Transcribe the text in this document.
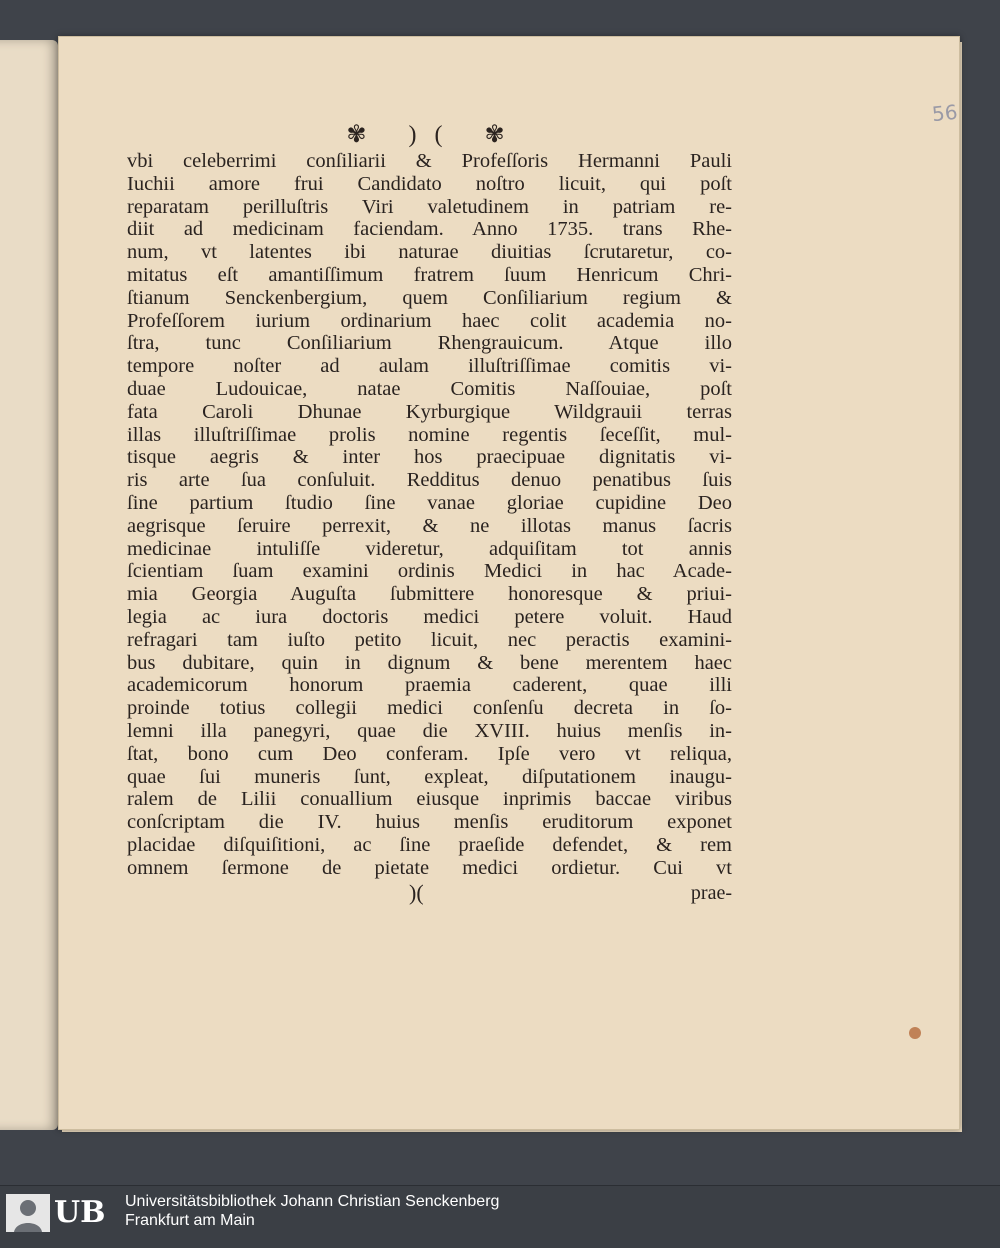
56
✾ )( ✾
vbi celeberrimi conſiliarii & Profeſſoris Hermanni Pauli
Iuchii amore frui Candidato noſtro licuit, qui poſt
reparatam perilluſtris Viri valetudinem in patriam re-
diit ad medicinam faciendam. Anno 1735. trans Rhe-
num, vt latentes ibi naturae diuitias ſcrutaretur, co-
mitatus eſt amantiſſimum fratrem ſuum Henricum Chri-
ſtianum Senckenbergium, quem Conſiliarium regium &
Profeſſorem iurium ordinarium haec colit academia no-
ſtra, tunc Conſiliarium Rhengrauicum. Atque illo
tempore noſter ad aulam illuſtriſſimae comitis vi-
duae Ludouicae, natae Comitis Naſſouiae, poſt
fata Caroli Dhunae Kyrburgique Wildgrauii terras
illas illuſtriſſimae prolis nomine regentis ſeceſſit, mul-
tisque aegris & inter hos praecipuae dignitatis vi-
ris arte ſua conſuluit. Redditus denuo penatibus ſuis
ſine partium ſtudio ſine vanae gloriae cupidine Deo
aegrisque ſeruire perrexit, & ne illotas manus ſacris
medicinae intuliſſe videretur, adquiſitam tot annis
ſcientiam ſuam examini ordinis Medici in hac Acade-
mia Georgia Auguſta ſubmittere honoresque & priui-
legia ac iura doctoris medici petere voluit. Haud
refragari tam iuſto petito licuit, nec peractis examini-
bus dubitare, quin in dignum & bene merentem haec
academicorum honorum praemia caderent, quae illi
proinde totius collegii medici conſenſu decreta in ſo-
lemni illa panegyri, quae die XVIII. huius menſis in-
ſtat, bono cum Deo conferam. Ipſe vero vt reliqua,
quae ſui muneris ſunt, expleat, diſputationem inaugu-
ralem de Lilii conuallium eiusque inprimis baccae viribus
conſcriptam die IV. huius menſis eruditorum exponet
placidae diſquiſitioni, ac ſine praeſide defendet, & rem
omnem ſermone de pietate medici ordietur. Cui vt
)(	prae-
UB Universitätsbibliothek Johann Christian Senckenberg
Frankfurt am Main
